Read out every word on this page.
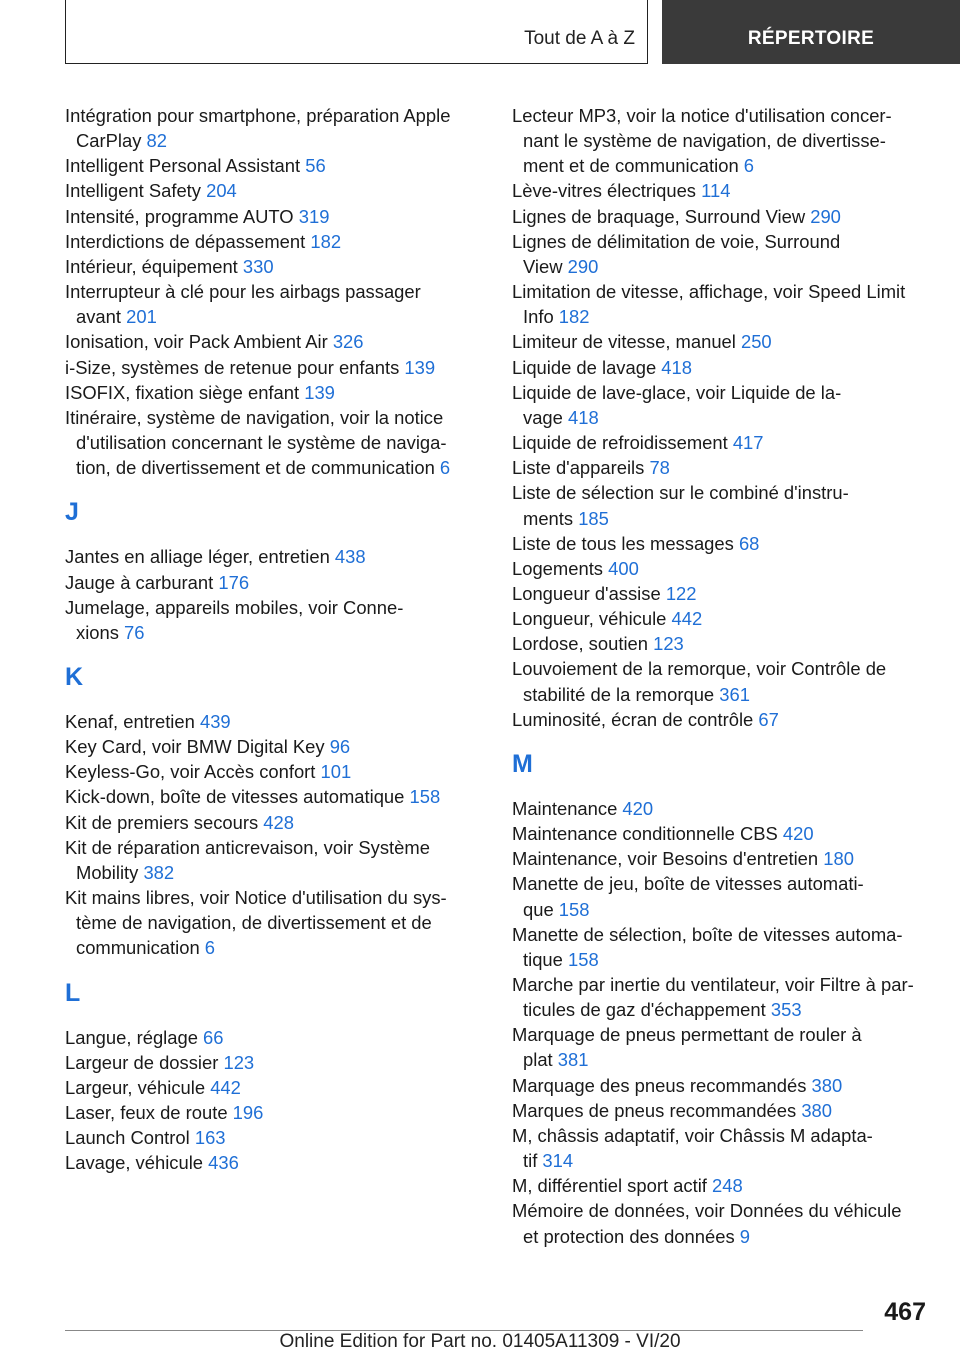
Tout de A à Z	RÉPERTOIRE
Intégration pour smartphone, préparation Apple
CarPlay 82
Intelligent Personal Assistant 56
Intelligent Safety 204
Intensité, programme AUTO 319
Interdictions de dépassement 182
Intérieur, équipement 330
Interrupteur à clé pour les airbags passager
avant 201
Ionisation, voir Pack Ambient Air 326
i-Size, systèmes de retenue pour enfants 139
ISOFIX, fixation siège enfant 139
Itinéraire, système de navigation, voir la notice
d'utilisation concernant le système de naviga-
tion, de divertissement et de communication 6
J
Jantes en alliage léger, entretien 438
Jauge à carburant 176
Jumelage, appareils mobiles, voir Conne-
xions 76
K
Kenaf, entretien 439
Key Card, voir BMW Digital Key 96
Keyless-Go, voir Accès confort 101
Kick-down, boîte de vitesses automatique 158
Kit de premiers secours 428
Kit de réparation anticrevaison, voir Système
Mobility 382
Kit mains libres, voir Notice d'utilisation du sys-
tème de navigation, de divertissement et de
communication 6
L
Langue, réglage 66
Largeur de dossier 123
Largeur, véhicule 442
Laser, feux de route 196
Launch Control 163
Lavage, véhicule 436
Lecteur MP3, voir la notice d'utilisation concer-
nant le système de navigation, de divertisse-
ment et de communication 6
Lève-vitres électriques 114
Lignes de braquage, Surround View 290
Lignes de délimitation de voie, Surround
View 290
Limitation de vitesse, affichage, voir Speed Limit
Info 182
Limiteur de vitesse, manuel 250
Liquide de lavage 418
Liquide de lave-glace, voir Liquide de la-
vage 418
Liquide de refroidissement 417
Liste d'appareils 78
Liste de sélection sur le combiné d'instru-
ments 185
Liste de tous les messages 68
Logements 400
Longueur d'assise 122
Longueur, véhicule 442
Lordose, soutien 123
Louvoiement de la remorque, voir Contrôle de
stabilité de la remorque 361
Luminosité, écran de contrôle 67
M
Maintenance 420
Maintenance conditionnelle CBS 420
Maintenance, voir Besoins d'entretien 180
Manette de jeu, boîte de vitesses automati-
que 158
Manette de sélection, boîte de vitesses automa-
tique 158
Marche par inertie du ventilateur, voir Filtre à par-
ticules de gaz d'échappement 353
Marquage de pneus permettant de rouler à
plat 381
Marquage des pneus recommandés 380
Marques de pneus recommandées 380
M, châssis adaptatif, voir Châssis M adapta-
tif 314
M, différentiel sport actif 248
Mémoire de données, voir Données du véhicule
et protection des données 9
467
Online Edition for Part no. 01405A11309 - VI/20
